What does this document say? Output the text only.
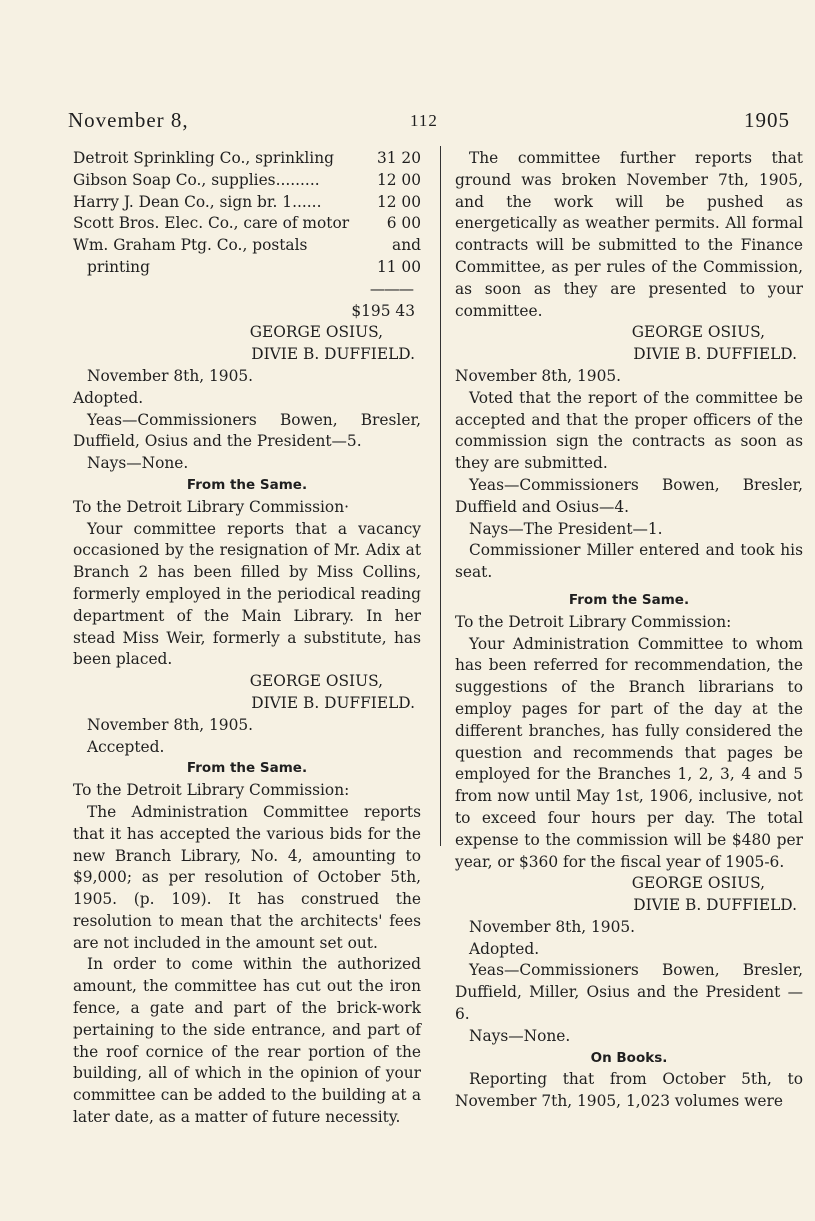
November 8,	112	1905
Detroit Sprinkling Co., sprinkling	31 20
Gibson Soap Co., supplies.........	12 00
Harry J. Dean Co., sign br. 1......	12 00
Scott Bros. Elec. Co., care of motor 6 00
Wm. Graham Ptg. Co., postals	and
printing	11 00

———

$195 43

GEORGE OSIUS,

DIVIE B. DUFFIELD.

November 8th, 1905.

Adopted.

Yeas—Commissioners Bowen, Bresler, Duffield, Osius and the President—5.

Nays—None.

From the Same.

To the Detroit Library Commission·

Your committee reports that a vacancy occasioned by the resignation of Mr. Adix at Branch 2 has been filled by Miss Collins, formerly employed in the periodical reading department of the Main Library. In her stead Miss Weir, formerly a substitute, has been placed.

GEORGE OSIUS,

DIVIE B. DUFFIELD.

November 8th, 1905.

Accepted.

From the Same.

To the Detroit Library Commission:

The Administration Committee reports that it has accepted the various bids for the new Branch Library, No. 4, amounting to $9,000; as per resolution of October 5th, 1905. (p. 109). It has construed the resolution to mean that the architects' fees are not included in the amount set out.

In order to come within the authorized amount, the committee has cut out the iron fence, a gate and part of the brick-work pertaining to the side entrance, and part of the roof cornice of the rear portion of the building, all of which in the opinion of your committee can be added to the building at a later date, as a matter of future necessity.

The committee further reports that ground was broken November 7th, 1905, and the work will be pushed as energetically as weather permits. All formal contracts will be submitted to the Finance Committee, as per rules of the Commission, as soon as they are presented to your committee.

GEORGE OSIUS,

DIVIE B. DUFFIELD.

November 8th, 1905.

Voted that the report of the committee be accepted and that the proper officers of the commission sign the contracts as soon as they are submitted.

Yeas—Commissioners Bowen, Bresler, Duffield and Osius—4.

Nays—The President—1.

Commissioner Miller entered and took his seat.

From the Same.

To the Detroit Library Commission:

Your Administration Committee to whom has been referred for recommendation, the suggestions of the Branch librarians to employ pages for part of the day at the different branches, has fully considered the question and recommends that pages be employed for the Branches 1, 2, 3, 4 and 5 from now until May 1st, 1906, inclusive, not to exceed four hours per day. The total expense to the commission will be $480 per year, or $360 for the fiscal year of 1905-6.

GEORGE OSIUS,

DIVIE B. DUFFIELD.

November 8th, 1905.

Adopted.

Yeas—Commissioners Bowen, Bresler, Duffield, Miller, Osius and the President —6.

Nays—None.

On Books.

Reporting that from October 5th, to November 7th, 1905, 1,023 volumes were
